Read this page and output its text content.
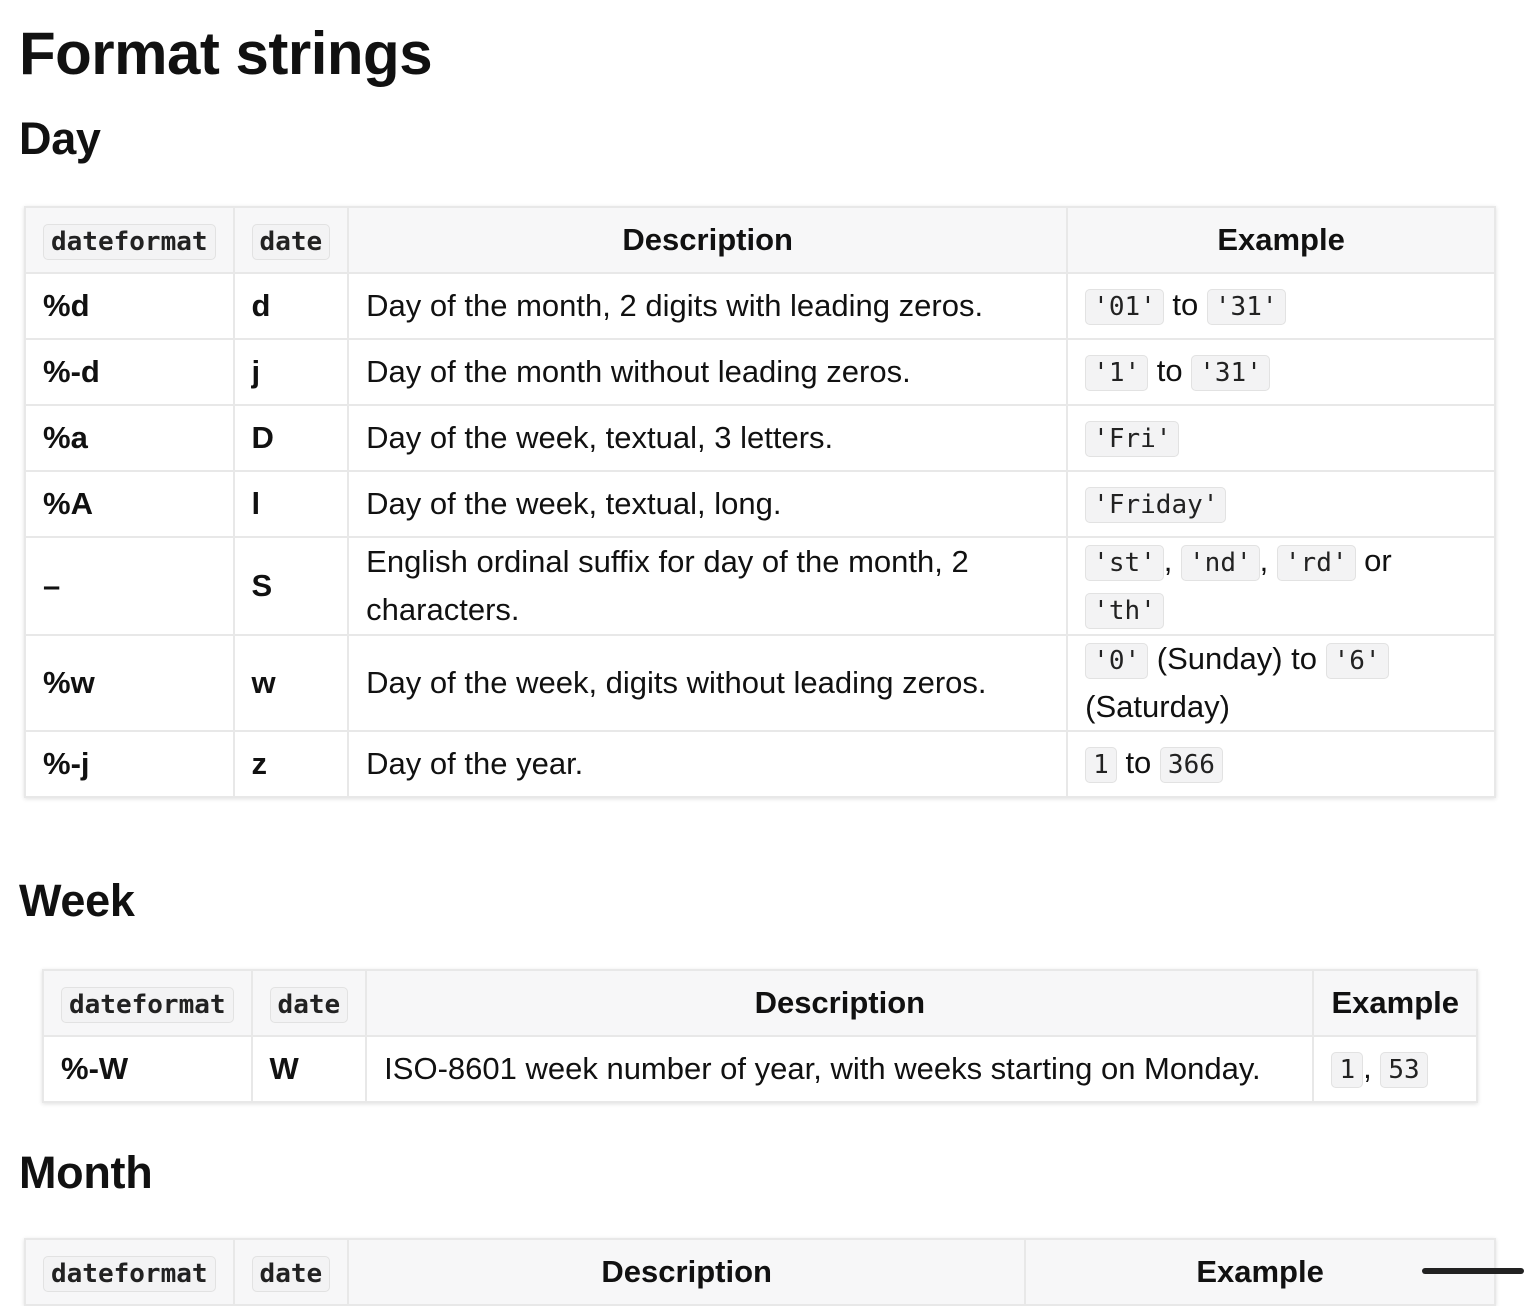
Format strings
Day
dateformat	date	Description	Example
%d	d	Day of the month, 2 digits with leading zeros.	'01' to '31'
%-d	j	Day of the month without leading zeros.	'1' to '31'
%a	D	Day of the week, textual, 3 letters.	'Fri'
%A	l	Day of the week, textual, long.	'Friday'
–	S	English ordinal suffix for day of the month, 2 characters.	'st' , 'nd' , 'rd' or 'th'
%w	w	Day of the week, digits without leading zeros.	'0' (Sunday) to '6' (Saturday)
%-j	z	Day of the year.	1 to 366
Week
dateformat	date	Description	Example
%-W	W	ISO-8601 week number of year, with weeks starting on Monday.	1 , 53
Month
dateformat	date	Description	Example
